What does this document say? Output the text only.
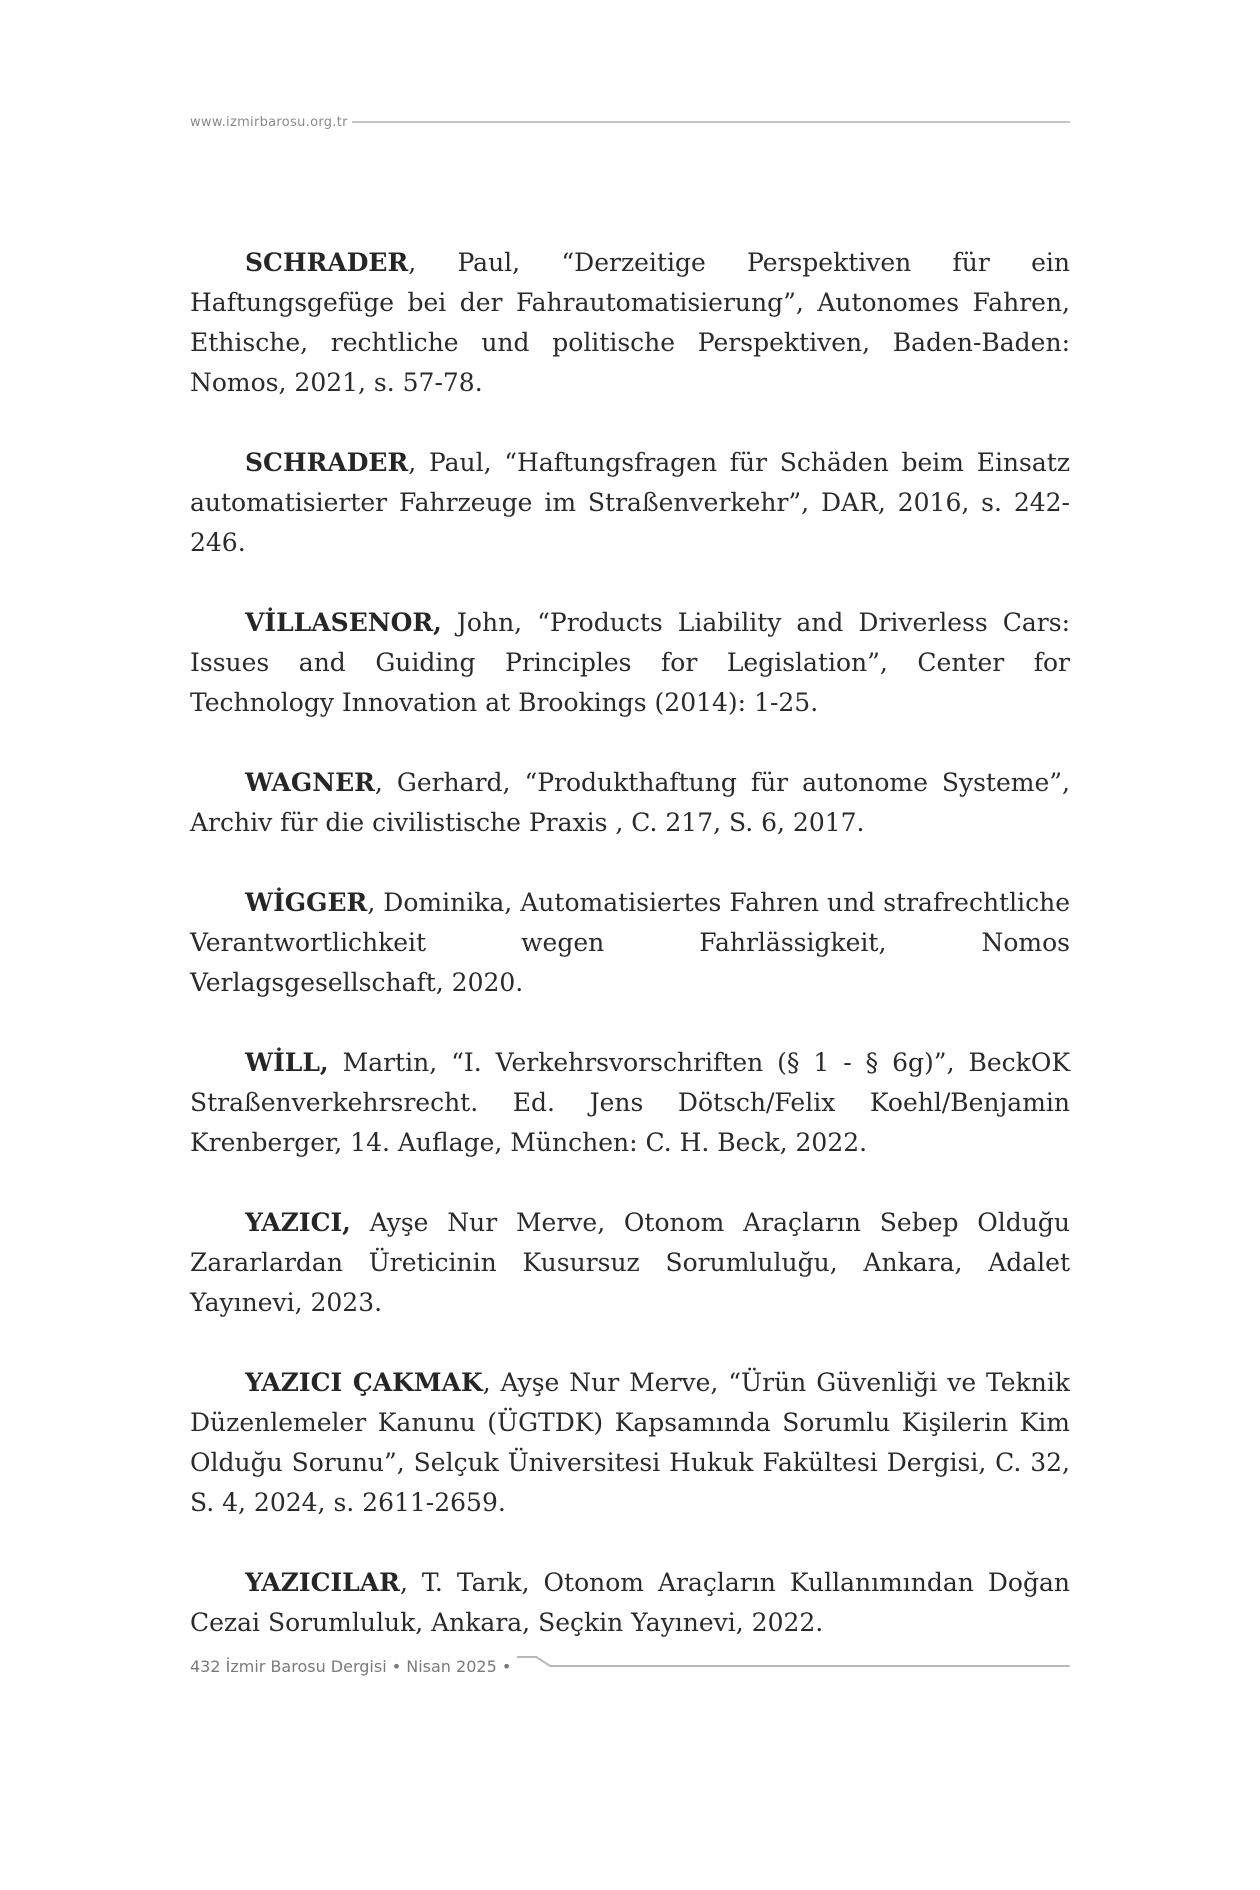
www.izmirbarosu.org.tr

SCHRADER, Paul, “Derzeitige Perspektiven für ein Haftungsgefüge bei der Fahrautomatisierung”, Autonomes Fahren, Ethische, rechtliche und politische Perspektiven, Baden-Baden: Nomos, 2021, s. 57-78.

SCHRADER, Paul, “Haftungsfragen für Schäden beim Einsatz automatisierter Fahrzeuge im Straßenverkehr”, DAR, 2016, s. 242-246.

VİLLASENOR, John, “Products Liability and Driverless Cars: Issues and Guiding Principles for Legislation”, Center for Technology Innovation at Brookings (2014): 1-25.

WAGNER, Gerhard, “Produkthaftung für autonome Systeme”, Archiv für die civilistische Praxis , C. 217, S. 6, 2017.

WİGGER, Dominika, Automatisiertes Fahren und strafrechtliche Verantwortlichkeit wegen Fahrlässigkeit, Nomos Verlagsgesellschaft, 2020.

WİLL, Martin, “I. Verkehrsvorschriften (§ 1 - § 6g)”, BeckOK Straßenverkehrsrecht. Ed. Jens Dötsch/Felix Koehl/Benjamin Krenberger, 14. Auflage, München: C. H. Beck, 2022.

YAZICI, Ayşe Nur Merve, Otonom Araçların Sebep Olduğu Zararlardan Üreticinin Kusursuz Sorumluluğu, Ankara, Adalet Yayınevi, 2023.

YAZICI ÇAKMAK, Ayşe Nur Merve, “Ürün Güvenliği ve Teknik Düzenlemeler Kanunu (ÜGTDK) Kapsamında Sorumlu Kişilerin Kim Olduğu Sorunu”, Selçuk Üniversitesi Hukuk Fakültesi Dergisi, C. 32, S. 4, 2024, s. 2611-2659.

YAZICILAR, T. Tarık, Otonom Araçların Kullanımından Doğan Cezai Sorumluluk, Ankara, Seçkin Yayınevi, 2022.

432 İzmir Barosu Dergisi • Nisan 2025 •
